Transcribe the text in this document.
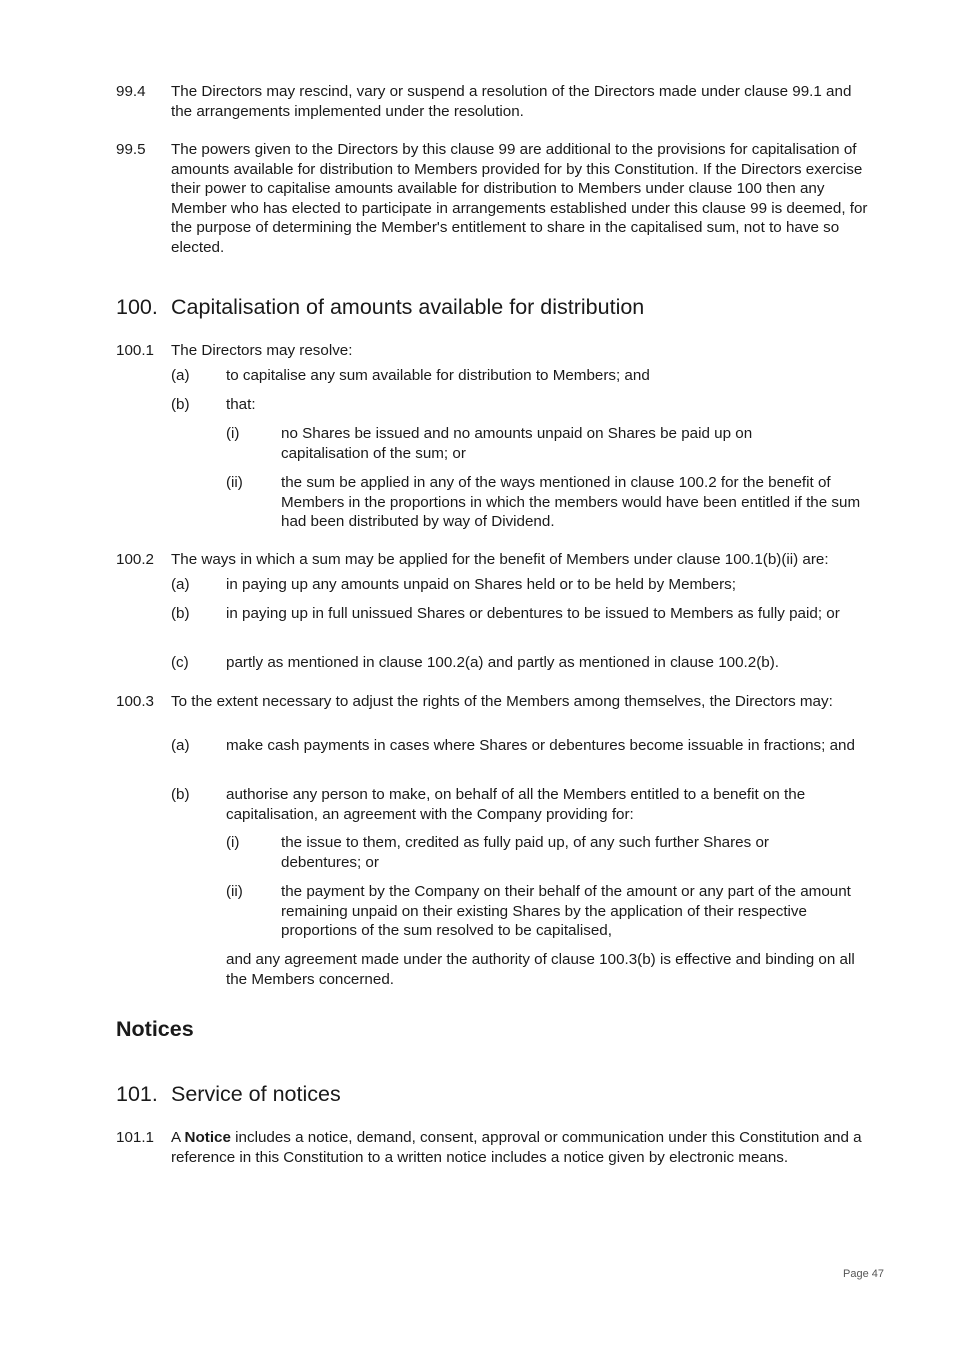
99.4 The Directors may rescind, vary or suspend a resolution of the Directors made under clause 99.1 and the arrangements implemented under the resolution.
99.5 The powers given to the Directors by this clause 99 are additional to the provisions for capitalisation of amounts available for distribution to Members provided for by this Constitution. If the Directors exercise their power to capitalise amounts available for distribution to Members under clause 100 then any Member who has elected to participate in arrangements established under this clause 99 is deemed, for the purpose of determining the Member's entitlement to share in the capitalised sum, not to have so elected.
100. Capitalisation of amounts available for distribution
100.1 The Directors may resolve:
(a) to capitalise any sum available for distribution to Members; and
(b) that:
(i)	no Shares be issued and no amounts unpaid on Shares be paid up on capitalisation of the sum; or
(ii)	the sum be applied in any of the ways mentioned in clause 100.2 for the benefit of Members in the proportions in which the members would have been entitled if the sum had been distributed by way of Dividend.
100.2 The ways in which a sum may be applied for the benefit of Members under clause 100.1(b)(ii) are:
(a) in paying up any amounts unpaid on Shares held or to be held by Members;
(b) in paying up in full unissued Shares or debentures to be issued to Members as fully paid; or
(c) partly as mentioned in clause 100.2(a) and partly as mentioned in clause 100.2(b).
100.3 To the extent necessary to adjust the rights of the Members among themselves, the Directors may:
(a) make cash payments in cases where Shares or debentures become issuable in fractions; and
(b) authorise any person to make, on behalf of all the Members entitled to a benefit on the capitalisation, an agreement with the Company providing for:
(i)	the issue to them, credited as fully paid up, of any such further Shares or debentures; or
(ii)	the payment by the Company on their behalf of the amount or any part of the amount remaining unpaid on their existing Shares by the application of their respective proportions of the sum resolved to be capitalised,
and any agreement made under the authority of clause 100.3(b) is effective and binding on all the Members concerned.
Notices
101. Service of notices
101.1 A Notice includes a notice, demand, consent, approval or communication under this Constitution and a reference in this Constitution to a written notice includes a notice given by electronic means.
Page 47
